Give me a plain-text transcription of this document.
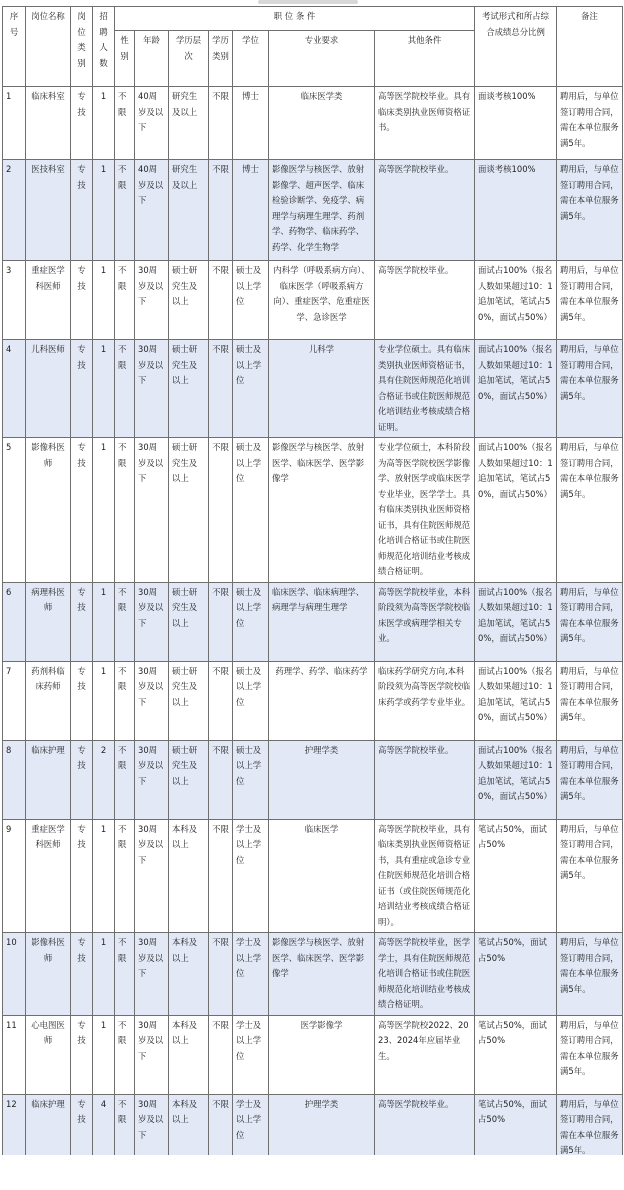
序号	岗位名称	岗位类别	招聘人数	职 位 条 件							考试形式和所占综合成绩总分比例	备注
				性别	年龄	学历层次	学历类别	学位	专业要求	其他条件		
1	临床科室	专技	1	不限	40周岁及以下	研究生及以上	不限	博士	临床医学类	高等医学院校毕业。具有临床类别执业医师资格证书。	面谈考核100%	聘用后，与单位签订聘用合同，需在本单位服务满5年。
2	医技科室	专技	1	不限	40周岁及以下	研究生及以上	不限	博士	影像医学与核医学、放射影像学、超声医学、临床检验诊断学、免疫学、病理学与病理生理学、药剂学、药物学、临床药学、药学、化学生物学	高等医学院校毕业。	面谈考核100%	聘用后，与单位签订聘用合同，需在本单位服务满5年。
3	重症医学科医师	专技	1	不限	30周岁及以下	硕士研究生及以上	不限	硕士及以上学位	内科学（呼吸系病方向）、临床医学（呼吸系病方向）、重症医学、危重症医学、急诊医学	高等医学院校毕业。	面试占100%（报名人数如果超过10：1追加笔试，笔试占50%，面试占50%）	聘用后，与单位签订聘用合同，需在本单位服务满5年。
4	儿科医师	专技	1	不限	30周岁及以下	硕士研究生及以上	不限	硕士及以上学位	儿科学	专业学位硕士。具有临床类别执业医师资格证书，具有住院医师规范化培训合格证书或住院医师规范化培训结业考核成绩合格证明。	面试占100%（报名人数如果超过10：1追加笔试，笔试占50%，面试占50%）	聘用后，与单位签订聘用合同，需在本单位服务满5年。
5	影像科医师	专技	1	不限	30周岁及以下	硕士研究生及以上	不限	硕士及以上学位	影像医学与核医学、放射医学、临床医学、医学影像学	专业学位硕士，本科阶段为高等医学院校医学影像学、放射医学或临床医学专业毕业，医学学士。具有临床类别执业医师资格证书，具有住院医师规范化培训合格证书或住院医师规范化培训结业考核成绩合格证明。	面试占100%（报名人数如果超过10：1追加笔试，笔试占50%，面试占50%）	聘用后，与单位签订聘用合同，需在本单位服务满5年。
6	病理科医师	专技	1	不限	30周岁及以下	硕士研究生及以上	不限	硕士及以上学位	临床医学、临床病理学、病理学与病理生理学	高等医学院校毕业，本科阶段须为高等医学院校临床医学或病理学相关专业。	面试占100%（报名人数如果超过10：1追加笔试，笔试占50%，面试占50%）	聘用后，与单位签订聘用合同，需在本单位服务满5年。
7	药剂科临床药师	专技	1	不限	30周岁及以下	硕士研究生及以上	不限	硕士及以上学位	药理学、药学、临床药学	临床药学研究方向,本科阶段须为高等医学院校临床药学或药学专业毕业。	面试占100%（报名人数如果超过10：1追加笔试，笔试占50%，面试占50%）	聘用后，与单位签订聘用合同，需在本单位服务满5年。
8	临床护理	专技	2	不限	30周岁及以下	硕士研究生及以上	不限	硕士及以上学位	护理学类	高等医学院校毕业。	面试占100%（报名人数如果超过10：1追加笔试，笔试占50%，面试占50%）	聘用后，与单位签订聘用合同，需在本单位服务满5年。
9	重症医学科医师	专技	1	不限	30周岁及以下	本科及以上	不限	学士及以上学位	临床医学	高等医学院校毕业，具有临床类别执业医师资格证书，具有重症或急诊专业住院医师规范化培训合格证书（或住院医师规范化培训结业考核成绩合格证明）。	笔试占50%，面试占50%	聘用后，与单位签订聘用合同，需在本单位服务满5年。
10	影像科医师	专技	1	不限	30周岁及以下	本科及以上	不限	学士及以上学位	影像医学与核医学、放射医学、临床医学、医学影像学	高等医学院校毕业，医学学士，具有住院医师规范化培训合格证书或住院医师规范化培训结业考核成绩合格证明。	笔试占50%，面试占50%	聘用后，与单位签订聘用合同，需在本单位服务满5年。
11	心电图医师	专技	1	不限	30周岁及以下	本科及以上	不限	学士及以上学位	医学影像学	高等医学院校2022、2023、2024年应届毕业生。	笔试占50%，面试占50%	聘用后，与单位签订聘用合同，需在本单位服务满5年。
12	临床护理	专技	4	不限	30周岁及以下	本科及以上	不限	学士及以上学位	护理学类	高等医学院校毕业。	笔试占50%，面试占50%	聘用后，与单位签订聘用合同，需在本单位服务满5年。
